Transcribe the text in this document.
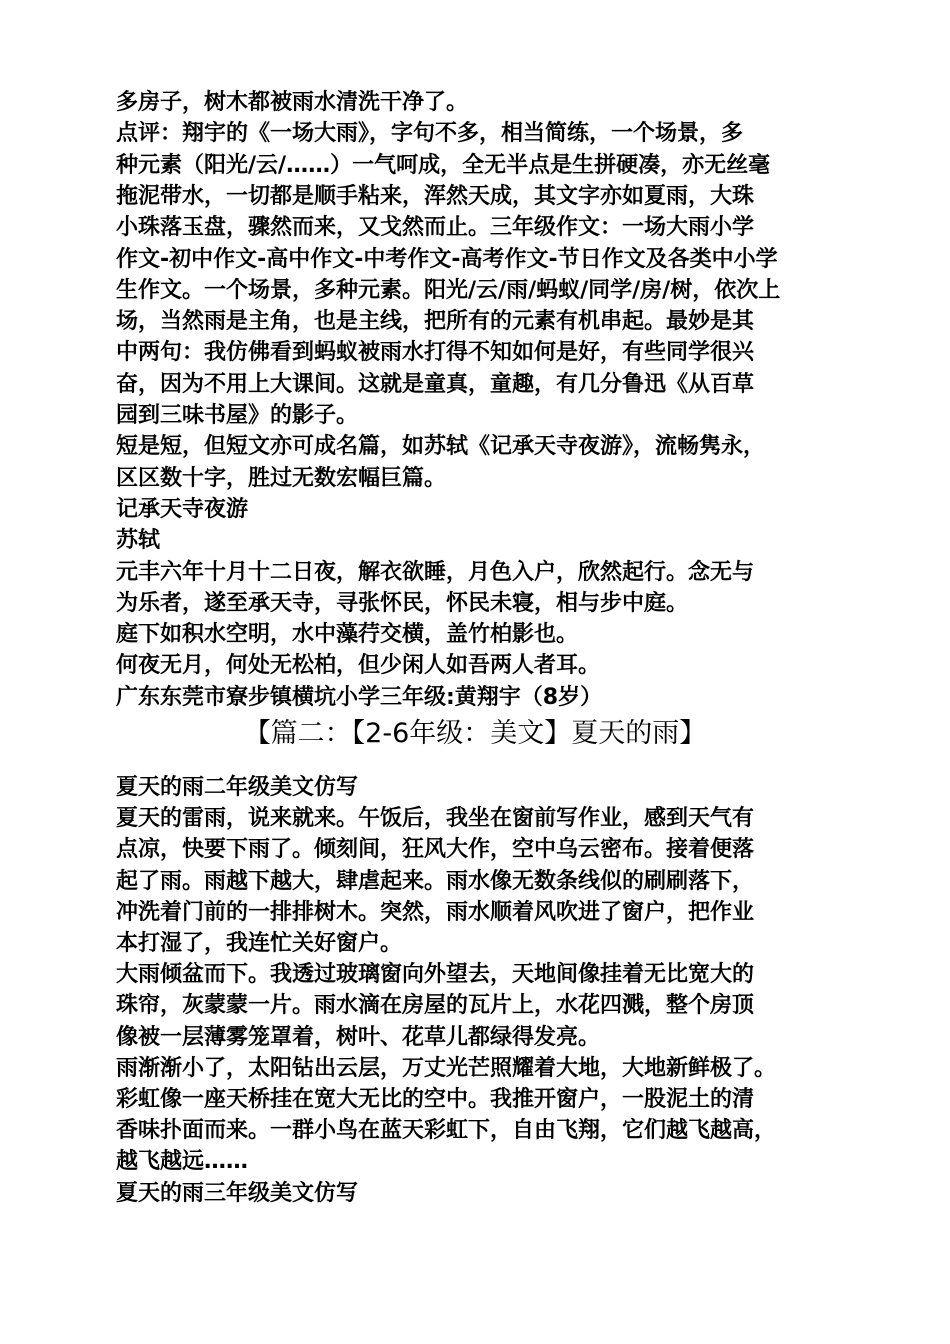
多房子，树木都被雨水清洗干净了。
点评：翔宇的《一场大雨》，字句不多，相当简练，一个场景，多
种元素（阳光/云/……）一气呵成，全无半点是生拼硬凑，亦无丝毫
拖泥带水，一切都是顺手粘来，浑然天成，其文字亦如夏雨，大珠
小珠落玉盘，骤然而来，又戈然而止。三年级作文：一场大雨小学
作文-初中作文-高中作文-中考作文-高考作文-节日作文及各类中小学
生作文。一个场景，多种元素。阳光/云/雨/蚂蚁/同学/房/树，依次上
场，当然雨是主角，也是主线，把所有的元素有机串起。最妙是其
中两句：我仿佛看到蚂蚁被雨水打得不知如何是好，有些同学很兴
奋，因为不用上大课间。这就是童真，童趣，有几分鲁迅《从百草
园到三味书屋》的影子。
短是短，但短文亦可成名篇，如苏轼《记承天寺夜游》，流畅隽永，
区区数十字，胜过无数宏幅巨篇。
记承天寺夜游
苏轼
元丰六年十月十二日夜，解衣欲睡，月色入户，欣然起行。念无与
为乐者，遂至承天寺，寻张怀民，怀民未寝，相与步中庭。
庭下如积水空明，水中藻荇交横，盖竹柏影也。
何夜无月，何处无松柏，但少闲人如吾两人者耳。
广东东莞市寮步镇横坑小学三年级:黄翔宇（8岁）
【篇二：【2-6年级：美文】夏天的雨】
夏天的雨二年级美文仿写
夏天的雷雨，说来就来。午饭后，我坐在窗前写作业，感到天气有
点凉，快要下雨了。倾刻间，狂风大作，空中乌云密布。接着便落
起了雨。雨越下越大，肆虐起来。雨水像无数条线似的刷刷落下，
冲洗着门前的一排排树木。突然，雨水顺着风吹进了窗户，把作业
本打湿了，我连忙关好窗户。
大雨倾盆而下。我透过玻璃窗向外望去，天地间像挂着无比宽大的
珠帘，灰蒙蒙一片。雨水滴在房屋的瓦片上，水花四溅，整个房顶
像被一层薄雾笼罩着，树叶、花草儿都绿得发亮。
雨渐渐小了，太阳钻出云层，万丈光芒照耀着大地，大地新鲜极了。
彩虹像一座天桥挂在宽大无比的空中。我推开窗户，一股泥土的清
香味扑面而来。一群小鸟在蓝天彩虹下，自由飞翔，它们越飞越高，
越飞越远……
夏天的雨三年级美文仿写
